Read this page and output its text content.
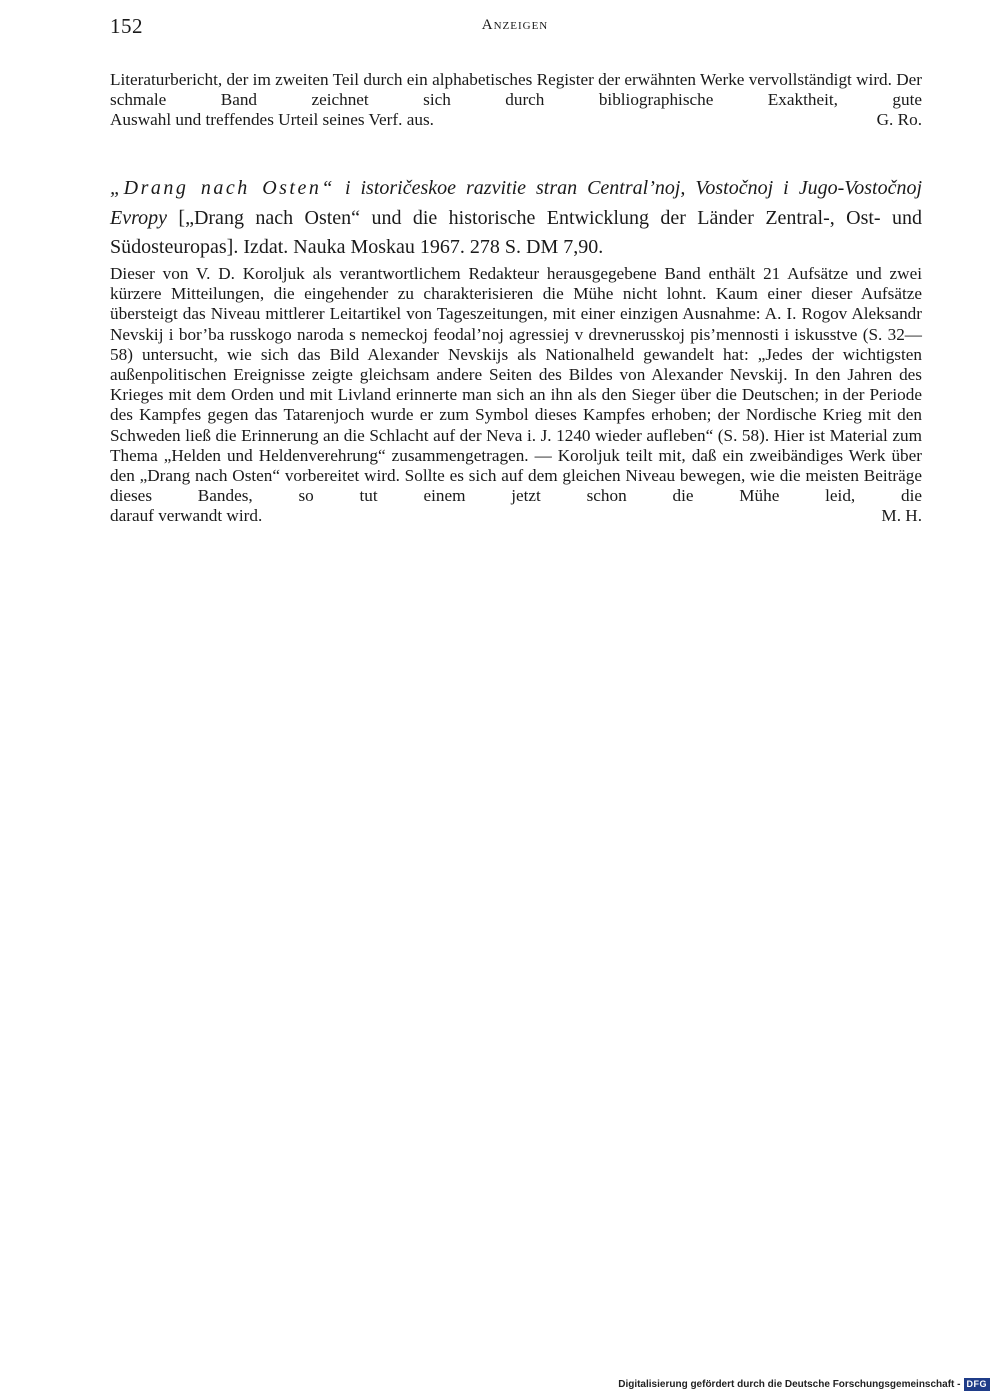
152	Anzeigen
Literaturbericht, der im zweiten Teil durch ein alphabetisches Register der erwähnten Werke vervollständigt wird. Der schmale Band zeichnet sich durch bibliographische Exaktheit, gute
Auswahl und treffendes Urteil seines Verf. aus.	G. Ro.
„Drang nach Osten“ i istoričeskoe razvitie stran Central’noj, Vostočnoj i Jugo-Vostočnoj Evropy [„Drang nach Osten“ und die historische Entwicklung der Länder Zentral-, Ost- und Südosteuropas]. Izdat. Nauka Moskau 1967. 278 S. DM 7,90.
Dieser von V. D. Koroljuk als verantwortlichem Redakteur herausgegebene Band enthält 21 Aufsätze und zwei kürzere Mitteilungen, die eingehender zu charakterisieren die Mühe nicht lohnt. Kaum einer dieser Aufsätze übersteigt das Niveau mittlerer Leitartikel von Tageszeitungen, mit einer einzigen Ausnahme: A. I. Rogov Aleksandr Nevskij i bor’ba russkogo naroda s nemeckoj feodal’noj agressiej v drevnerusskoj pis’mennosti i iskusstve (S. 32—58) untersucht, wie sich das Bild Alexander Nevskijs als Nationalheld gewandelt hat: „Jedes der wichtigsten außenpolitischen Ereignisse zeigte gleichsam andere Seiten des Bildes von Alexander Nevskij. In den Jahren des Krieges mit dem Orden und mit Livland erinnerte man sich an ihn als den Sieger über die Deutschen; in der Periode des Kampfes gegen das Tatarenjoch wurde er zum Symbol dieses Kampfes erhoben; der Nordische Krieg mit den Schweden ließ die Erinnerung an die Schlacht auf der Neva i. J. 1240 wieder aufleben“ (S. 58). Hier ist Material zum Thema „Helden und Heldenverehrung“ zusammengetragen. — Koroljuk teilt mit, daß ein zweibändiges Werk über den „Drang nach Osten“ vorbereitet wird. Sollte es sich auf dem gleichen Niveau bewegen, wie die meisten Beiträge dieses Bandes, so tut einem jetzt schon die Mühe leid, die
darauf verwandt wird.	M. H.
Digitalisierung gefördert durch die Deutsche Forschungsgemeinschaft - DFG
